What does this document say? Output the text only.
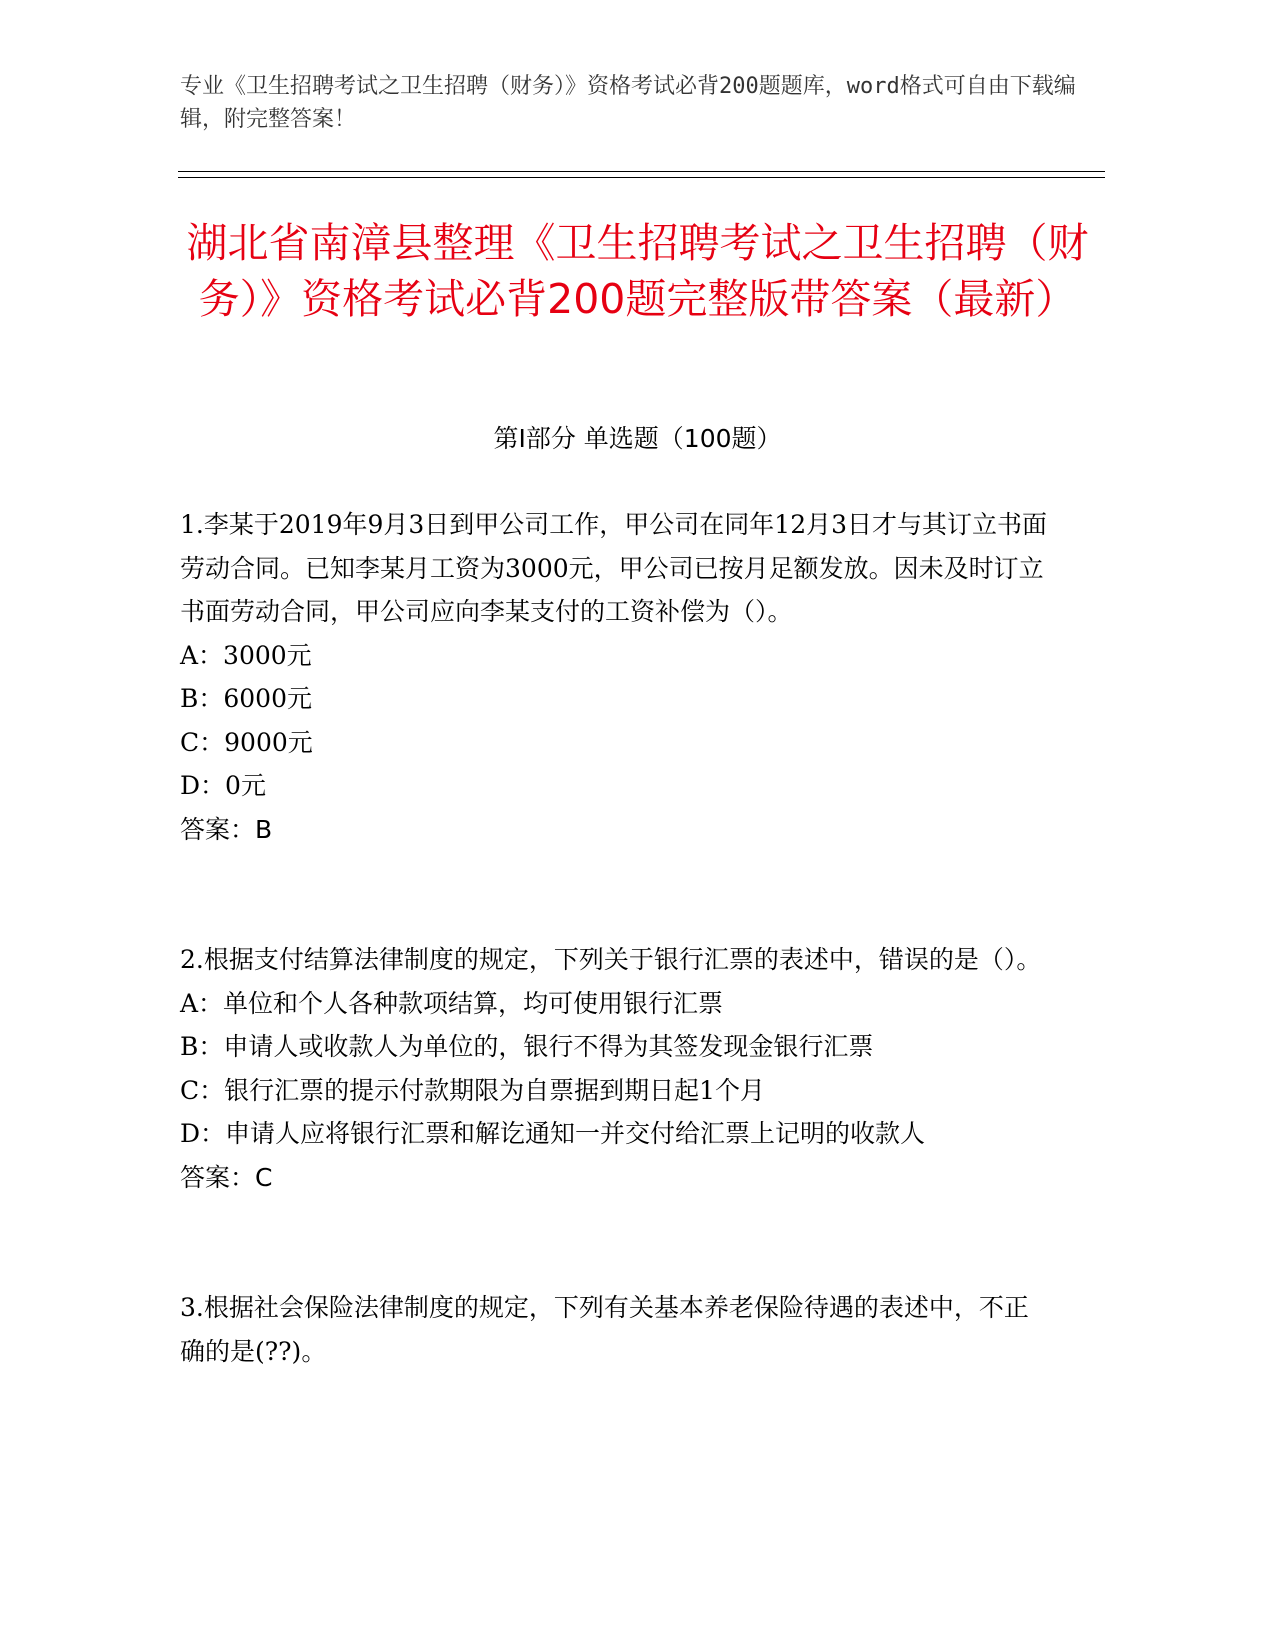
专业《卫生招聘考试之卫生招聘（财务）》资格考试必背200题题库，word格式可自由下载编辑，附完整答案！
湖北省南漳县整理《卫生招聘考试之卫生招聘（财务）》资格考试必背200题完整版带答案（最新）
第I部分 单选题（100题）

1.李某于2019年9月3日到甲公司工作，甲公司在同年12月3日才与其订立书面劳动合同。已知李某月工资为3000元，甲公司已按月足额发放。因未及时订立书面劳动合同，甲公司应向李某支付的工资补偿为（）。

A：3000元

B：6000元

C：9000元

D：0元

答案：B

2.根据支付结算法律制度的规定，下列关于银行汇票的表述中，错误的是（）。

A：单位和个人各种款项结算，均可使用银行汇票

B：申请人或收款人为单位的，银行不得为其签发现金银行汇票

C：银行汇票的提示付款期限为自票据到期日起1个月

D：申请人应将银行汇票和解讫通知一并交付给汇票上记明的收款人

答案：C

3.根据社会保险法律制度的规定，下列有关基本养老保险待遇的表述中，不正确的是(??)。
